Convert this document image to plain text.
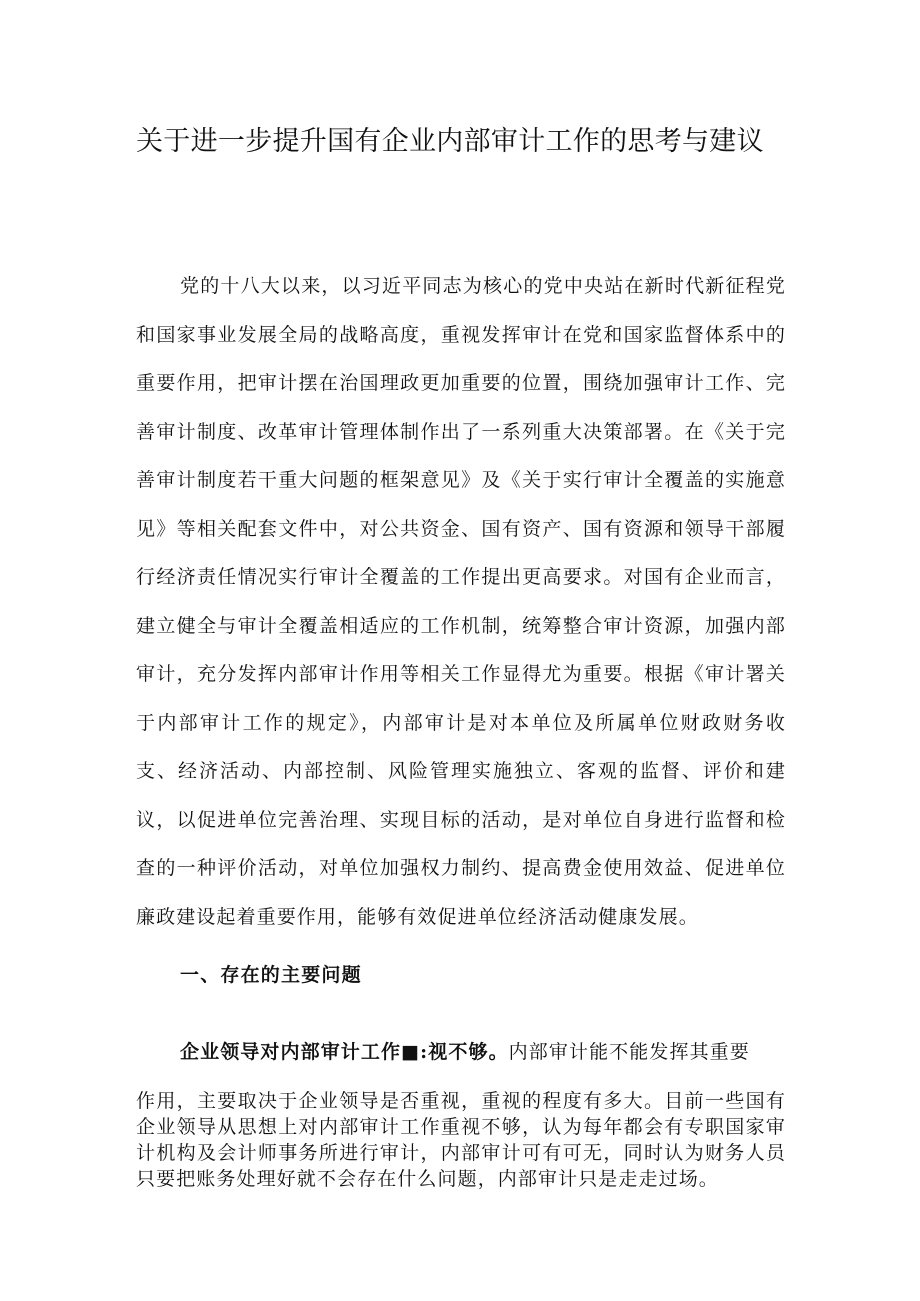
关于进一步提升国有企业内部审计工作的思考与建议

党的十八大以来，以习近平同志为核心的党中央站在新时代新征程党和国家事业发展全局的战略高度，重视发挥审计在党和国家监督体系中的重要作用，把审计摆在治国理政更加重要的位置，围绕加强审计工作、完善审计制度、改革审计管理体制作出了一系列重大决策部署。在《关于完善审计制度若干重大问题的框架意见》及《关于实行审计全覆盖的实施意见》等相关配套文件中，对公共资金、国有资产、国有资源和领导干部履行经济责任情况实行审计全覆盖的工作提出更高要求。对国有企业而言，建立健全与审计全覆盖相适应的工作机制，统筹整合审计资源，加强内部审计，充分发挥内部审计作用等相关工作显得尤为重要。根据《审计署关于内部审计工作的规定》，内部审计是对本单位及所属单位财政财务收支、经济活动、内部控制、风险管理实施独立、客观的监督、评价和建议，以促进单位完善治理、实现目标的活动，是对单位自身进行监督和检查的一种评价活动，对单位加强权力制约、提高费金使用效益、促进单位廉政建设起着重要作用，能够有效促进单位经济活动健康发展。

一、存在的主要问题
企业领导对内部审计工作■:视不够。内部审计能不能发挥其重要

作用，主要取决于企业领导是否重视，重视的程度有多大。目前一些国有企业领导从思想上对内部审计工作重视不够，认为每年都会有专职国家审计机构及会计师事务所进行审计，内部审计可有可无，同时认为财务人员只要把账务处理好就不会存在什么问题，内部审计只是走走过场。
